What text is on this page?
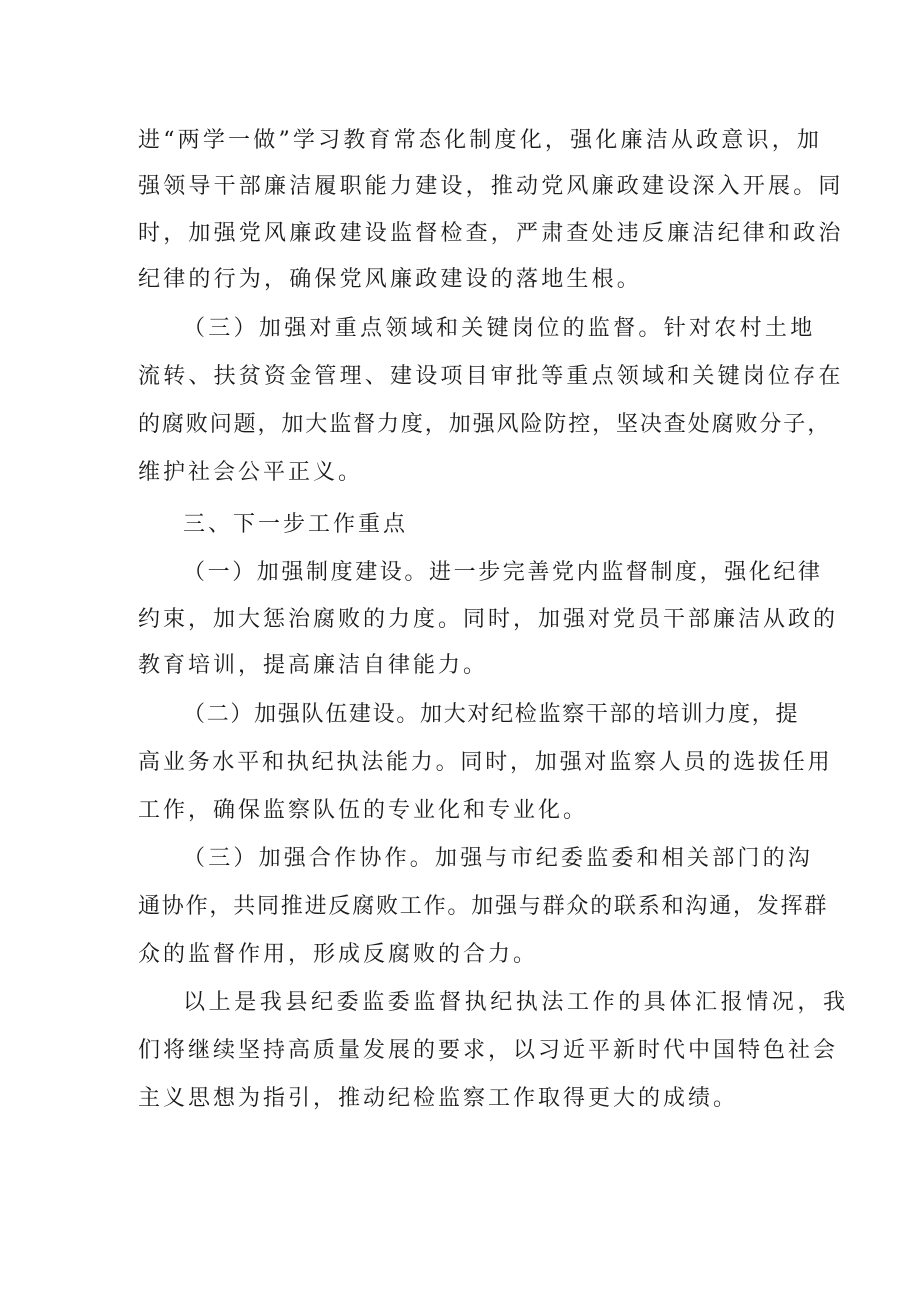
进“两学一做”学习教育常态化制度化，强化廉洁从政意识，加
强领导干部廉洁履职能力建设，推动党风廉政建设深入开展。同
时，加强党风廉政建设监督检查，严肃查处违反廉洁纪律和政治
纪律的行为，确保党风廉政建设的落地生根。
（三）加强对重点领域和关键岗位的监督。针对农村土地
流转、扶贫资金管理、建设项目审批等重点领域和关键岗位存在
的腐败问题，加大监督力度，加强风险防控，坚决查处腐败分子，
维护社会公平正义。
三、下一步工作重点
（一）加强制度建设。进一步完善党内监督制度，强化纪律
约束，加大惩治腐败的力度。同时，加强对党员干部廉洁从政的
教育培训，提高廉洁自律能力。
（二）加强队伍建设。加大对纪检监察干部的培训力度，提
高业务水平和执纪执法能力。同时，加强对监察人员的选拔任用
工作，确保监察队伍的专业化和专业化。
（三）加强合作协作。加强与市纪委监委和相关部门的沟
通协作，共同推进反腐败工作。加强与群众的联系和沟通，发挥群
众的监督作用，形成反腐败的合力。
以上是我县纪委监委监督执纪执法工作的具体汇报情况，我
们将继续坚持高质量发展的要求，以习近平新时代中国特色社会
主义思想为指引，推动纪检监察工作取得更大的成绩。
